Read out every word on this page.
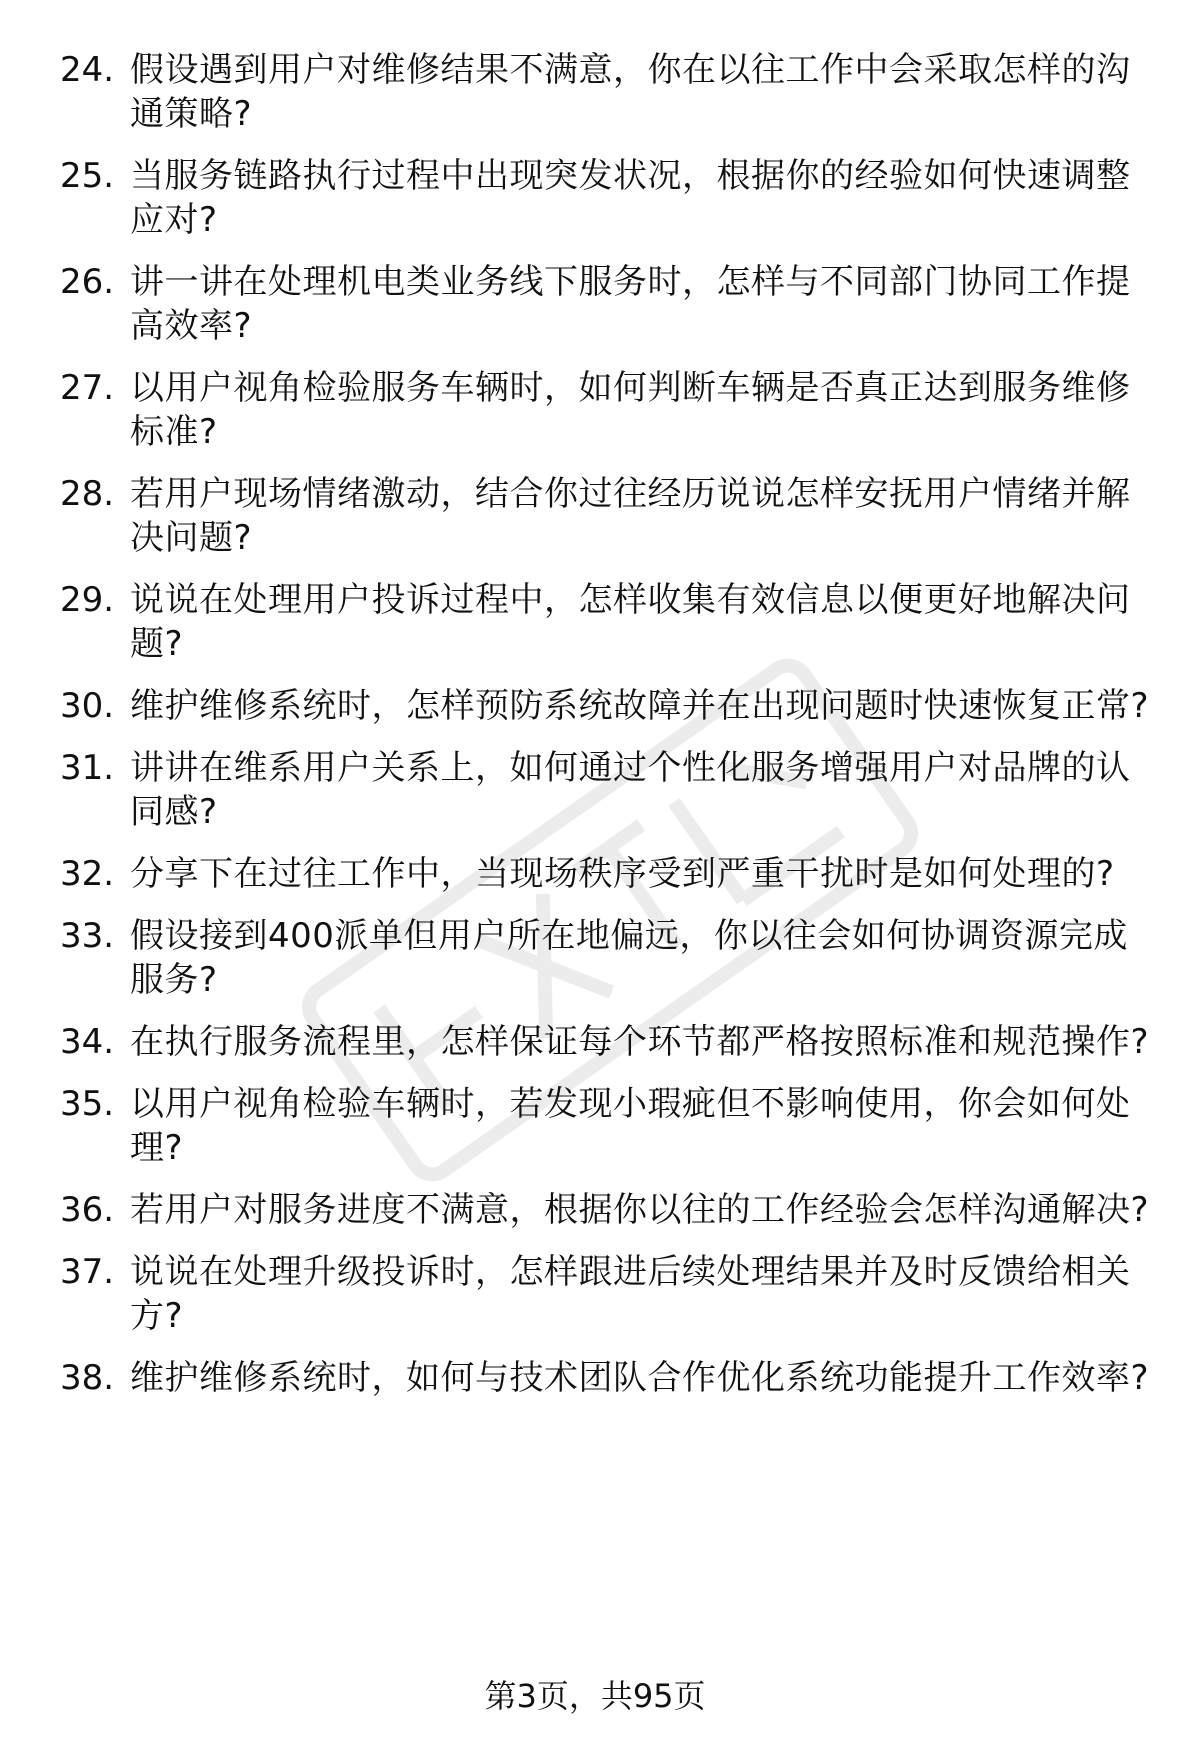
24. 假设遇到用户对维修结果不满意，你在以往工作中会采取怎样的沟通策略?
25. 当服务链路执行过程中出现突发状况，根据你的经验如何快速调整应对?
26. 讲一讲在处理机电类业务线下服务时，怎样与不同部门协同工作提高效率?
27. 以用户视角检验服务车辆时，如何判断车辆是否真正达到服务维修标准?
28. 若用户现场情绪激动，结合你过往经历说说怎样安抚用户情绪并解决问题?
29. 说说在处理用户投诉过程中，怎样收集有效信息以便更好地解决问题?
30. 维护维修系统时，怎样预防系统故障并在出现问题时快速恢复正常?
31. 讲讲在维系用户关系上，如何通过个性化服务增强用户对品牌的认同感?
32. 分享下在过往工作中，当现场秩序受到严重干扰时是如何处理的?
33. 假设接到400派单但用户所在地偏远，你以往会如何协调资源完成服务?
34. 在执行服务流程里，怎样保证每个环节都严格按照标准和规范操作?
35. 以用户视角检验车辆时，若发现小瑕疵但不影响使用，你会如何处理?
36. 若用户对服务进度不满意，根据你以往的工作经验会怎样沟通解决?
37. 说说在处理升级投诉时，怎样跟进后续处理结果并及时反馈给相关方?
38. 维护维修系统时，如何与技术团队合作优化系统功能提升工作效率?
第3页，共95页
